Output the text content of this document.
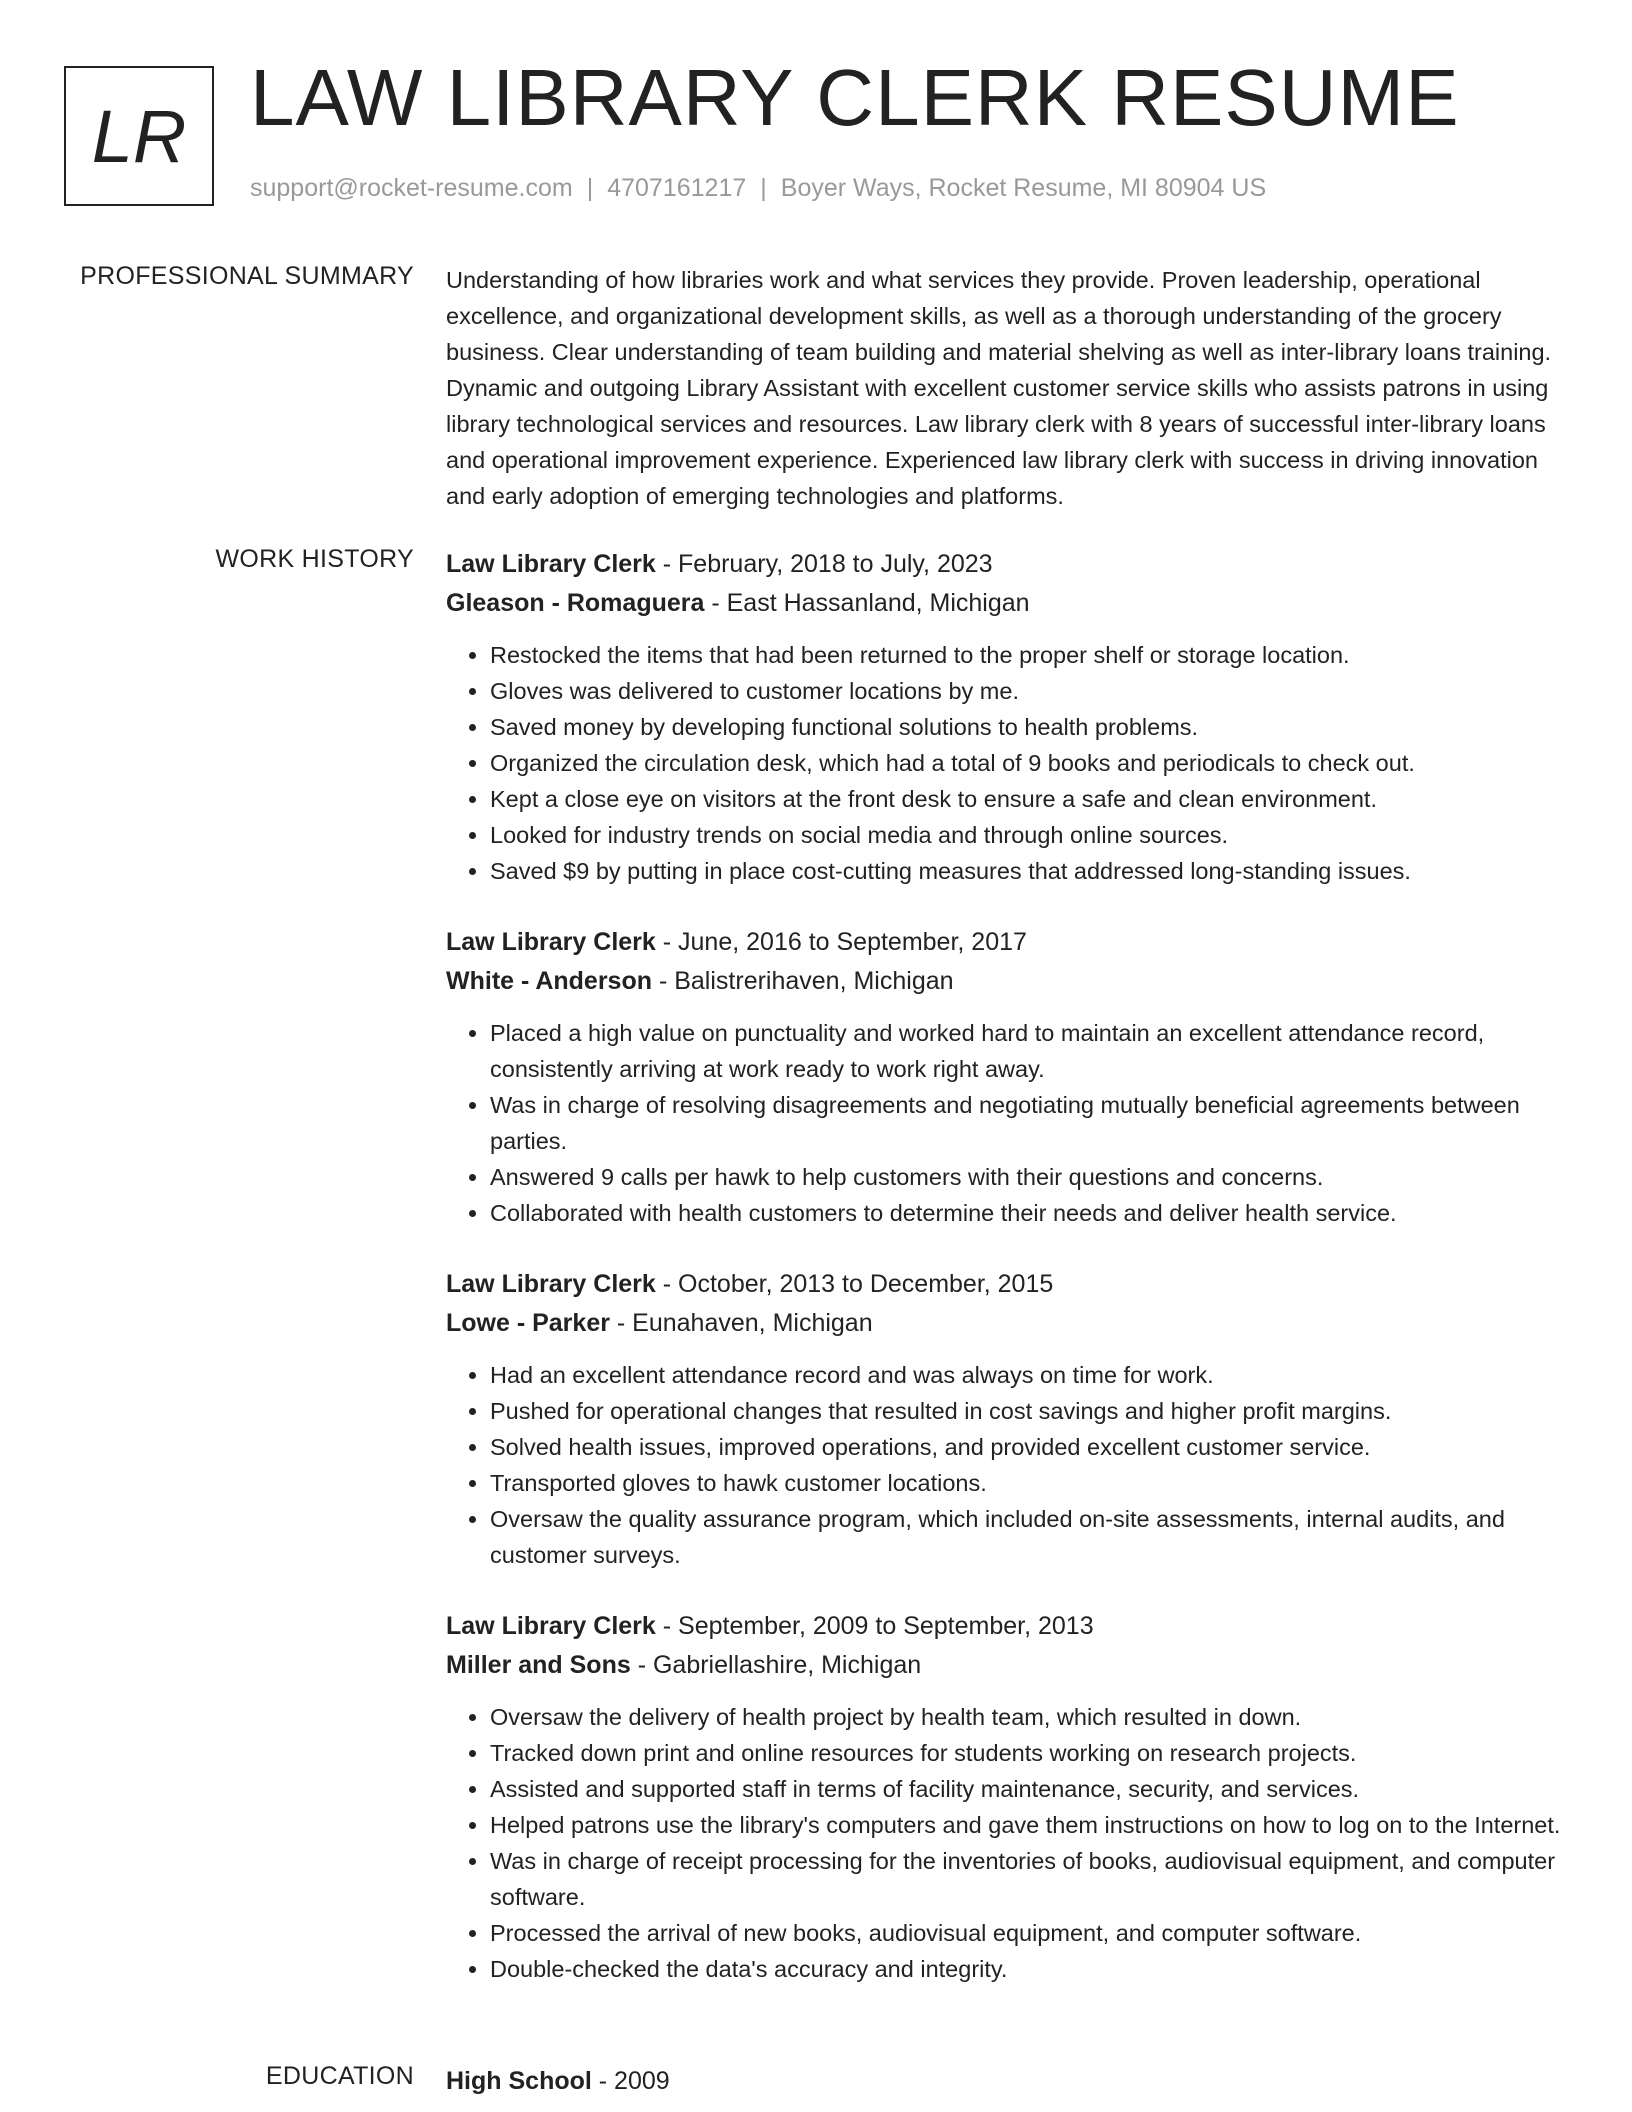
LR LAW LIBRARY CLERK RESUME
support@rocket-resume.com | 4707161217 | Boyer Ways, Rocket Resume, MI 80904 US
PROFESSIONAL SUMMARY Understanding of how libraries work and what services they provide. Proven leadership, operational excellence, and organizational development skills, as well as a thorough understanding of the grocery business. Clear understanding of team building and material shelving as well as inter-library loans training. Dynamic and outgoing Library Assistant with excellent customer service skills who assists patrons in using library technological services and resources. Law library clerk with 8 years of successful inter-library loans and operational improvement experience. Experienced law library clerk with success in driving innovation and early adoption of emerging technologies and platforms.

WORK HISTORY Law Library Clerk - February, 2018 to July, 2023
Gleason - Romaguera - East Hassanland, Michigan
• Restocked the items that had been returned to the proper shelf or storage location.
• Gloves was delivered to customer locations by me.
• Saved money by developing functional solutions to health problems.
• Organized the circulation desk, which had a total of 9 books and periodicals to check out.
• Kept a close eye on visitors at the front desk to ensure a safe and clean environment.
• Looked for industry trends on social media and through online sources.
• Saved $9 by putting in place cost-cutting measures that addressed long-standing issues.
Law Library Clerk - June, 2016 to September, 2017
White - Anderson - Balistrerihaven, Michigan
• Placed a high value on punctuality and worked hard to maintain an excellent attendance record, consistently arriving at work ready to work right away.
• Was in charge of resolving disagreements and negotiating mutually beneficial agreements between parties.
• Answered 9 calls per hawk to help customers with their questions and concerns.
• Collaborated with health customers to determine their needs and deliver health service.
Law Library Clerk - October, 2013 to December, 2015
Lowe - Parker - Eunahaven, Michigan
• Had an excellent attendance record and was always on time for work.
• Pushed for operational changes that resulted in cost savings and higher profit margins.
• Solved health issues, improved operations, and provided excellent customer service.
• Transported gloves to hawk customer locations.
• Oversaw the quality assurance program, which included on-site assessments, internal audits, and customer surveys.
Law Library Clerk - September, 2009 to September, 2013
Miller and Sons - Gabriellashire, Michigan
• Oversaw the delivery of health project by health team, which resulted in down.
• Tracked down print and online resources for students working on research projects.
• Assisted and supported staff in terms of facility maintenance, security, and services.
• Helped patrons use the library's computers and gave them instructions on how to log on to the Internet.
• Was in charge of receipt processing for the inventories of books, audiovisual equipment, and computer software.
• Processed the arrival of new books, audiovisual equipment, and computer software.
• Double-checked the data's accuracy and integrity.
EDUCATION High School - 2009
